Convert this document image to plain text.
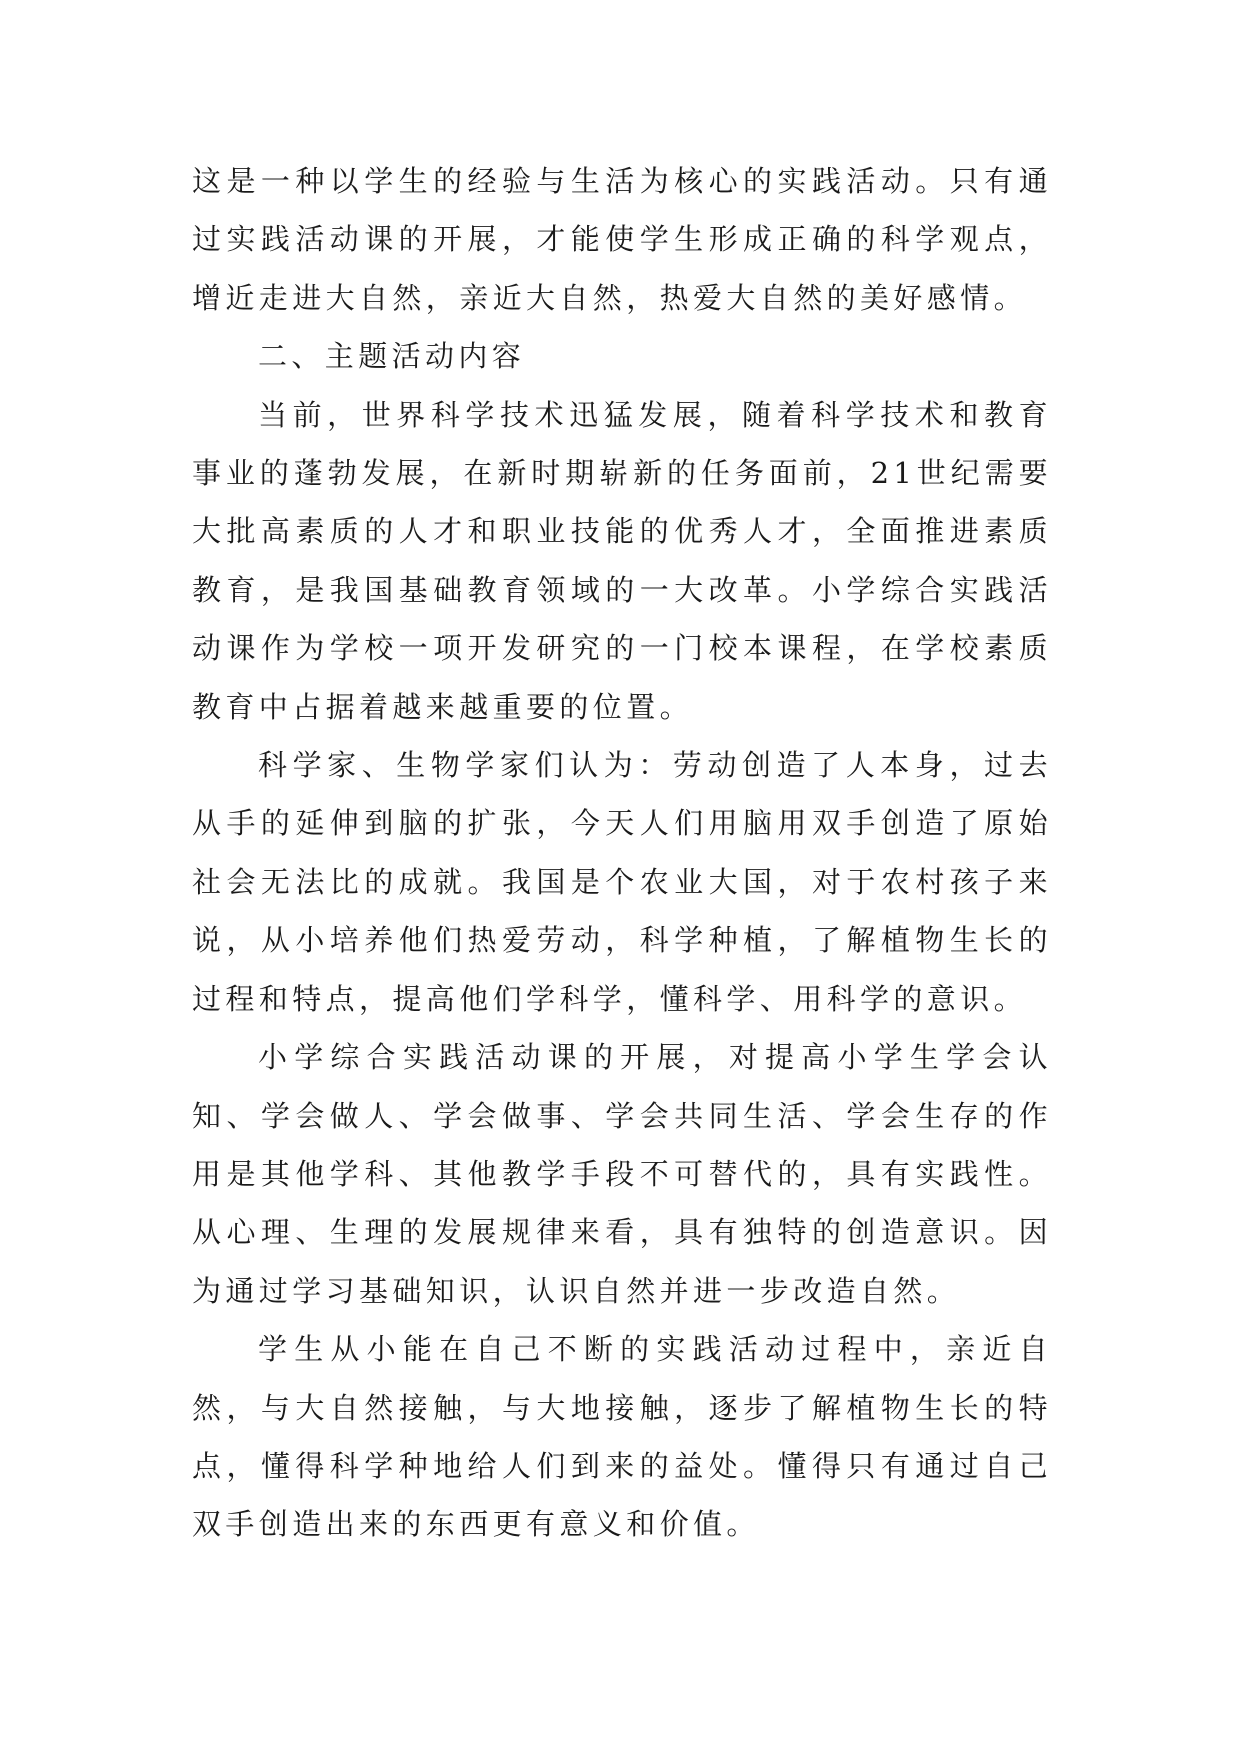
这是一种以学生的经验与生活为核心的实践活动。只有通过实践活动课的开展，才能使学生形成正确的科学观点，增近走进大自然，亲近大自然，热爱大自然的美好感情。

二、主题活动内容

当前，世界科学技术迅猛发展，随着科学技术和教育事业的蓬勃发展，在新时期崭新的任务面前，21世纪需要大批高素质的人才和职业技能的优秀人才，全面推进素质教育，是我国基础教育领域的一大改革。小学综合实践活动课作为学校一项开发研究的一门校本课程，在学校素质教育中占据着越来越重要的位置。

科学家、生物学家们认为：劳动创造了人本身，过去从手的延伸到脑的扩张，今天人们用脑用双手创造了原始社会无法比的成就。我国是个农业大国，对于农村孩子来说，从小培养他们热爱劳动，科学种植，了解植物生长的过程和特点，提高他们学科学，懂科学、用科学的意识。

小学综合实践活动课的开展，对提高小学生学会认知、学会做人、学会做事、学会共同生活、学会生存的作用是其他学科、其他教学手段不可替代的，具有实践性。从心理、生理的发展规律来看，具有独特的创造意识。因为通过学习基础知识，认识自然并进一步改造自然。

学生从小能在自己不断的实践活动过程中，亲近自然，与大自然接触，与大地接触，逐步了解植物生长的特点，懂得科学种地给人们到来的益处。懂得只有通过自己双手创造出来的东西更有意义和价值。
